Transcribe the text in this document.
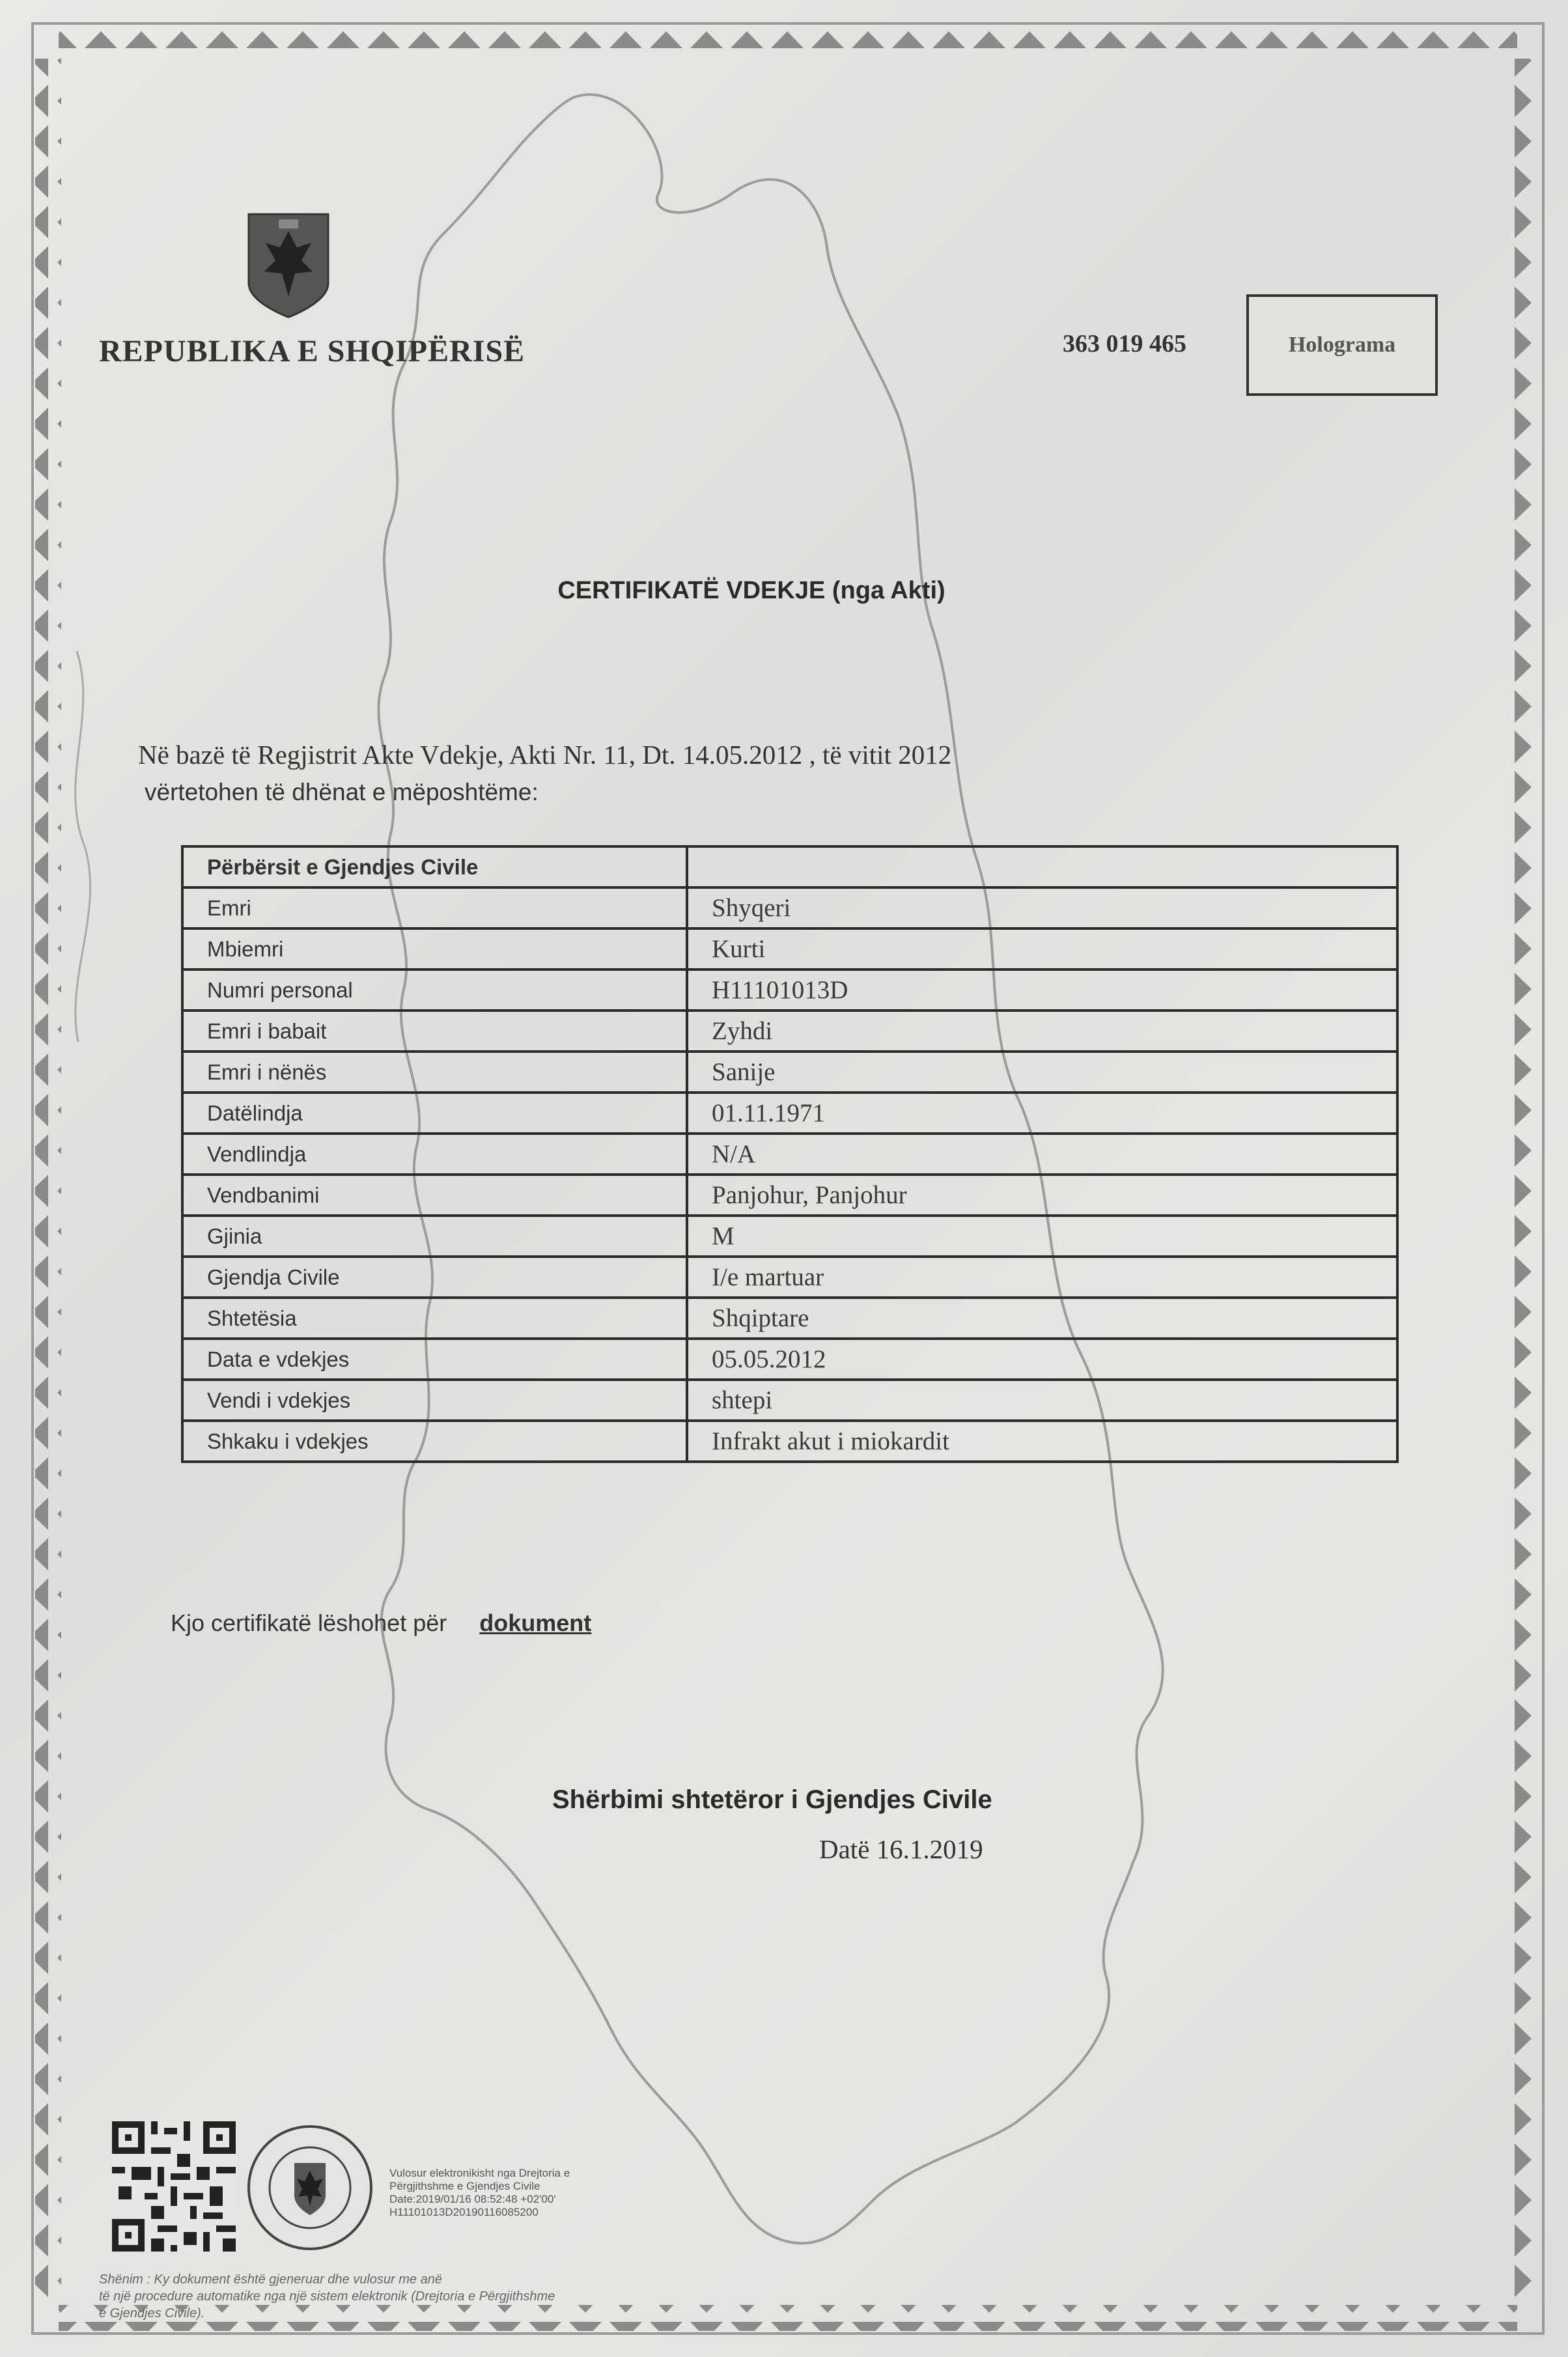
REPUBLIKA E SHQIPËRISË	363 019 465	Holograma
CERTIFIKATË VDEKJE (nga Akti)
Në bazë të Regjistrit Akte Vdekje, Akti Nr. 11, Dt. 14.05.2012 , të vitit 2012
vërtetohen të dhënat e mëposhtëme:
Përbërsit e Gjendjes Civile	
Emri	Shyqeri
Mbiemri	Kurti
Numri personal	H11101013D
Emri i babait	Zyhdi
Emri i nënës	Sanije
Datëlindja	01.11.1971
Vendlindja	N/A
Vendbanimi	Panjohur, Panjohur
Gjinia	M
Gjendja Civile	I/e martuar
Shtetësia	Shqiptare
Data e vdekjes	05.05.2012
Vendi i vdekjes	shtepi
Shkaku i vdekjes	Infrakt akut i miokardit
Kjo certifikatë lëshohet për dokument
Shërbimi shtetëror i Gjendjes Civile
Datë 16.1.2019
Vulosur elektronikisht nga Drejtoria e
Përgjithshme e Gjendjes Civile
Date:2019/01/16 08:52:48 +02'00'
H11101013D20190116085200
Shënim : Ky dokument është gjeneruar dhe vulosur me anë
të një procedure automatike nga një sistem elektronik (Drejtoria e Përgjithshme
e Gjendjes Civile).
